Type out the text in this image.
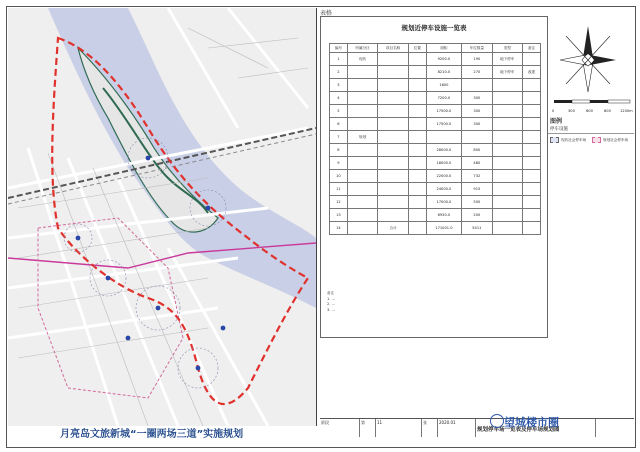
月亮岛文旅新城“一圈两场三道”实施规划
表格
规划近停车设施一览表
编号	所属分区	项目名称	位置	面积	车位数量	类型	备注
1	现状			9200.0	190	地下停车	
2				8210.0	270	地下停车	改建
3				1600			
4				7200.0	300		
5				17500.0	300		
6				17500.0	300		
7	规划						
8				28000.0	800		
9				18000.0	480		
10				22000.0	732		
11				24000.0	915		
12				17000.0	500		
13				6930.0	200		
14		合计		171001.0	5411		
备注
1. ...
2. ...
3. ...
0	300	600	800	1200m
图例
停车设施
现状社会停车场	规划社会停车场
阶段	第	11	张	2020.01
规划停车场一览表及停车场规划图
望城楼市圈
